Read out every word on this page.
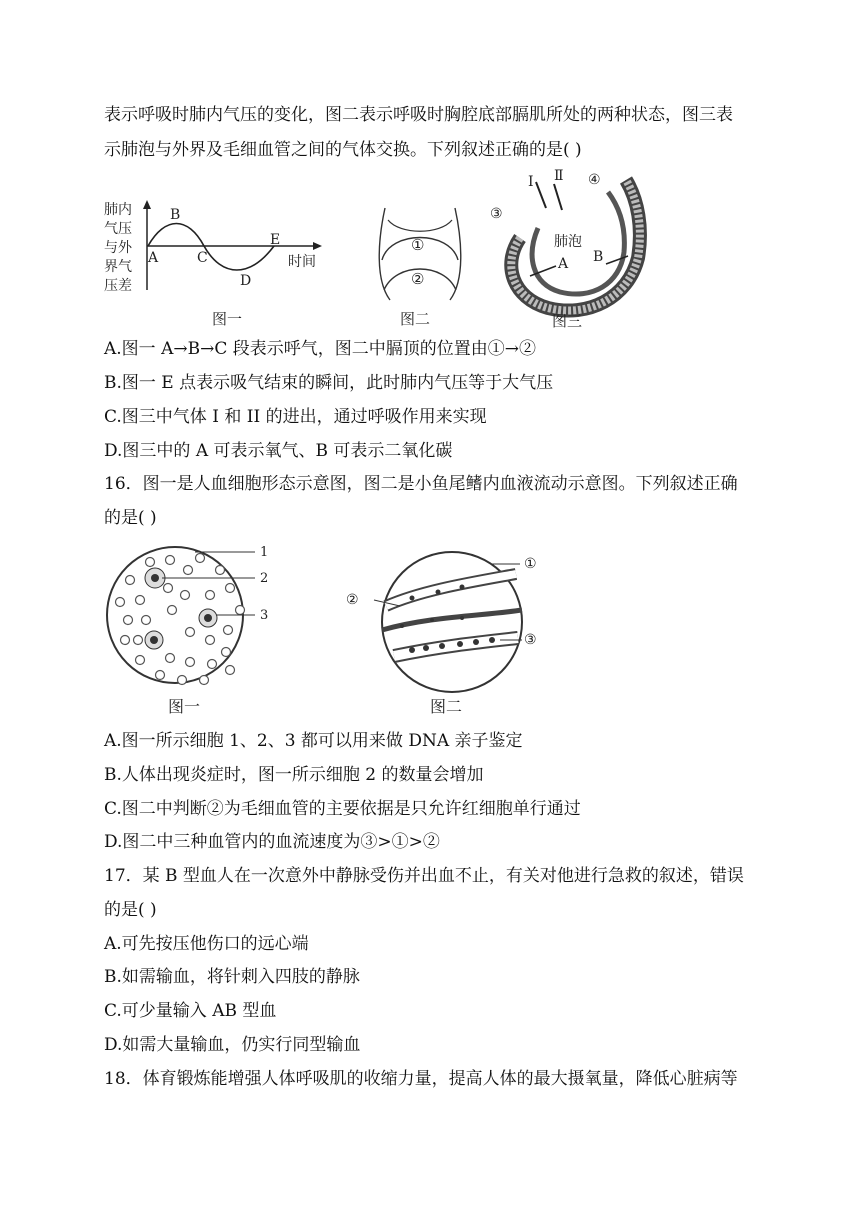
表示呼吸时肺内气压的变化，图二表示呼吸时胸腔底部膈肌所处的两种状态，图三表
示肺泡与外界及毛细血管之间的气体交换。下列叙述正确的是( )
肺内
气压
与外
界气
压差
A
B
C
D
E
时间
图一
①
②
图二
I Ⅱ
③
④
肺泡
A B
图三
A.图一 A→B→C 段表示呼气，图二中膈顶的位置由①→②
B.图一 E 点表示吸气结束的瞬间，此时肺内气压等于大气压
C.图三中气体 I 和 II 的进出，通过呼吸作用来实现
D.图三中的 A 可表示氧气、B 可表示二氧化碳
16．图一是人血细胞形态示意图，图二是小鱼尾鳍内血液流动示意图。下列叙述正确
的是( )
1
2
3
图一
①
②
③
图二
A.图一所示细胞 1、2、3 都可以用来做 DNA 亲子鉴定
B.人体出现炎症时，图一所示细胞 2 的数量会增加
C.图二中判断②为毛细血管的主要依据是只允许红细胞单行通过
D.图二中三种血管内的血流速度为③>①>②
17．某 B 型血人在一次意外中静脉受伤并出血不止，有关对他进行急救的叙述，错误
的是( )
A.可先按压他伤口的远心端
B.如需输血，将针刺入四肢的静脉
C.可少量输入 AB 型血
D.如需大量输血，仍实行同型输血
18．体育锻炼能增强人体呼吸肌的收缩力量，提高人体的最大摄氧量，降低心脏病等
